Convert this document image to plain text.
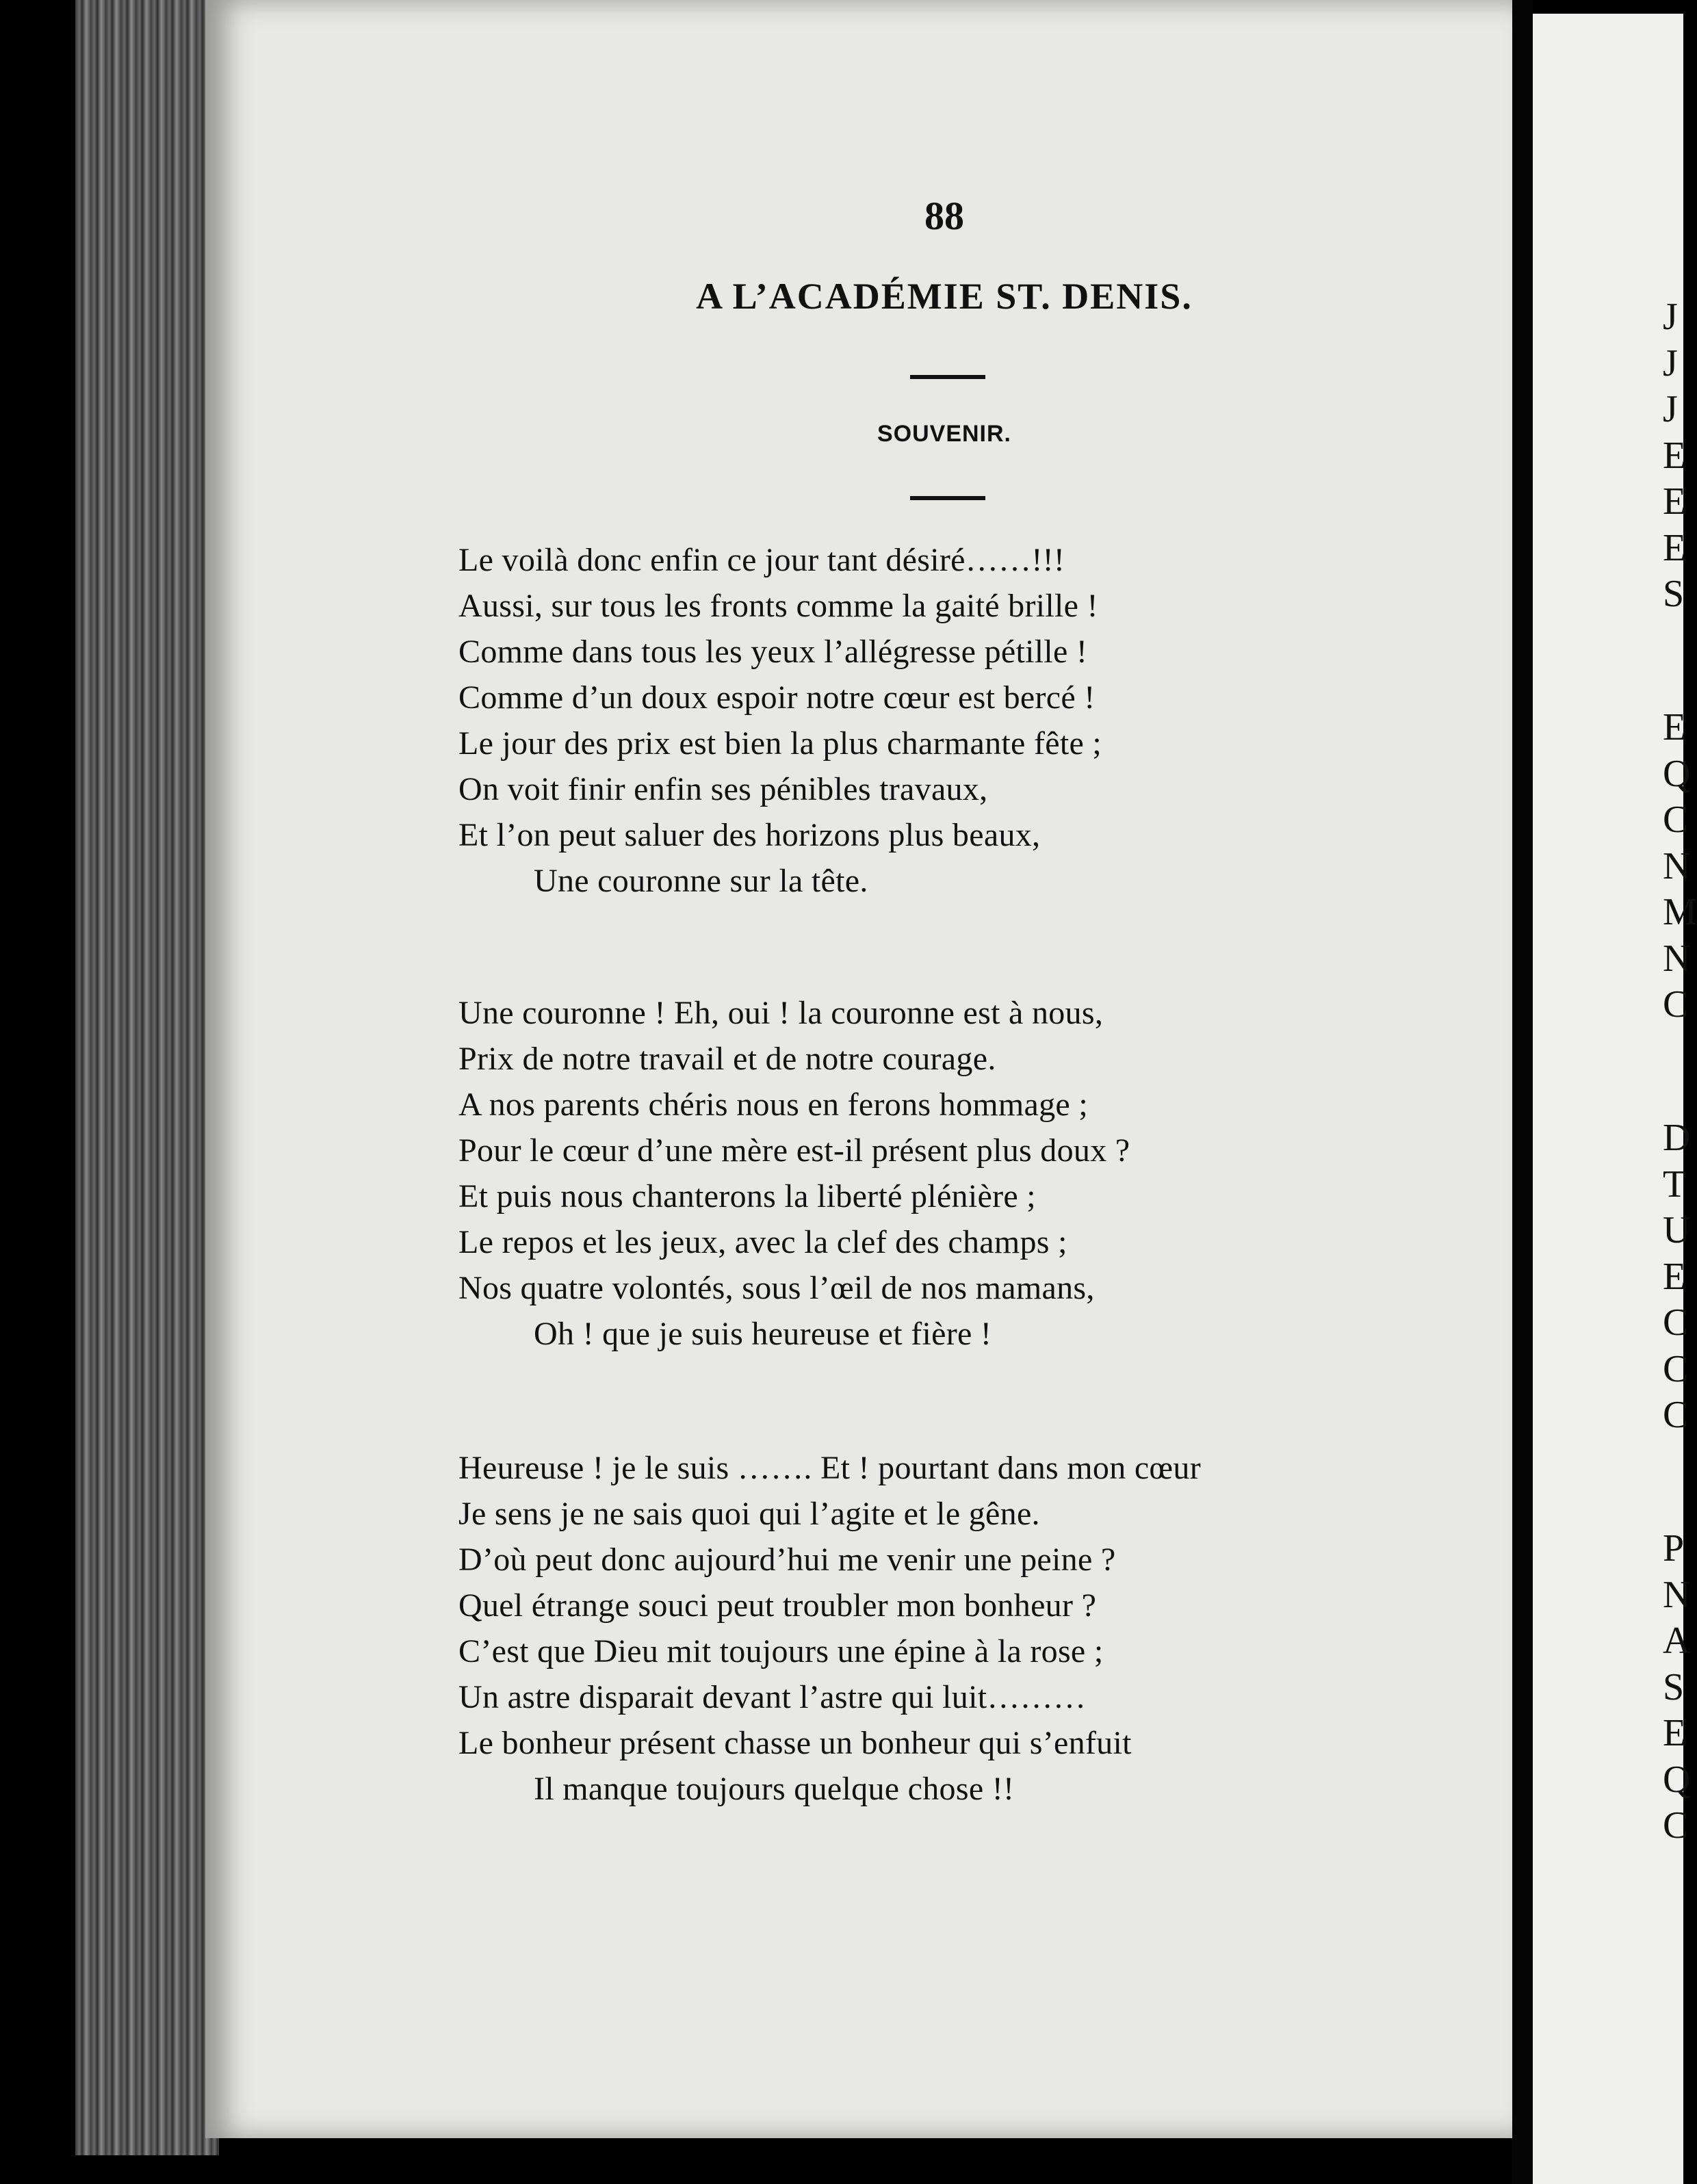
J
J
J
E
E
E
S
E
Q
C
N
M
N
C
D
T
U
E
C
C
C
P
N
A
S
E
Q
C
88
A L’ACADÉMIE ST. DENIS.
SOUVENIR.
Le voilà donc enfin ce jour tant désiré……!!!
Aussi, sur tous les fronts comme la gaité brille !
Comme dans tous les yeux l’allégresse pétille !
Comme d’un doux espoir notre cœur est bercé !
Le jour des prix est bien la plus charmante fête ;
On voit finir enfin ses pénibles travaux,
Et l’on peut saluer des horizons plus beaux,
Une couronne sur la tête.
Une couronne ! Eh, oui ! la couronne est à nous,
Prix de notre travail et de notre courage.
A nos parents chéris nous en ferons hommage ;
Pour le cœur d’une mère est-il présent plus doux ?
Et puis nous chanterons la liberté plénière ;
Le repos et les jeux, avec la clef des champs ;
Nos quatre volontés, sous l’œil de nos mamans,
Oh ! que je suis heureuse et fière !
Heureuse ! je le suis ……. Et ! pourtant dans mon cœur
Je sens je ne sais quoi qui l’agite et le gêne.
D’où peut donc aujourd’hui me venir une peine ?
Quel étrange souci peut troubler mon bonheur ?
C’est que Dieu mit toujours une épine à la rose ;
Un astre disparait devant l’astre qui luit………
Le bonheur présent chasse un bonheur qui s’enfuit
Il manque toujours quelque chose !!
